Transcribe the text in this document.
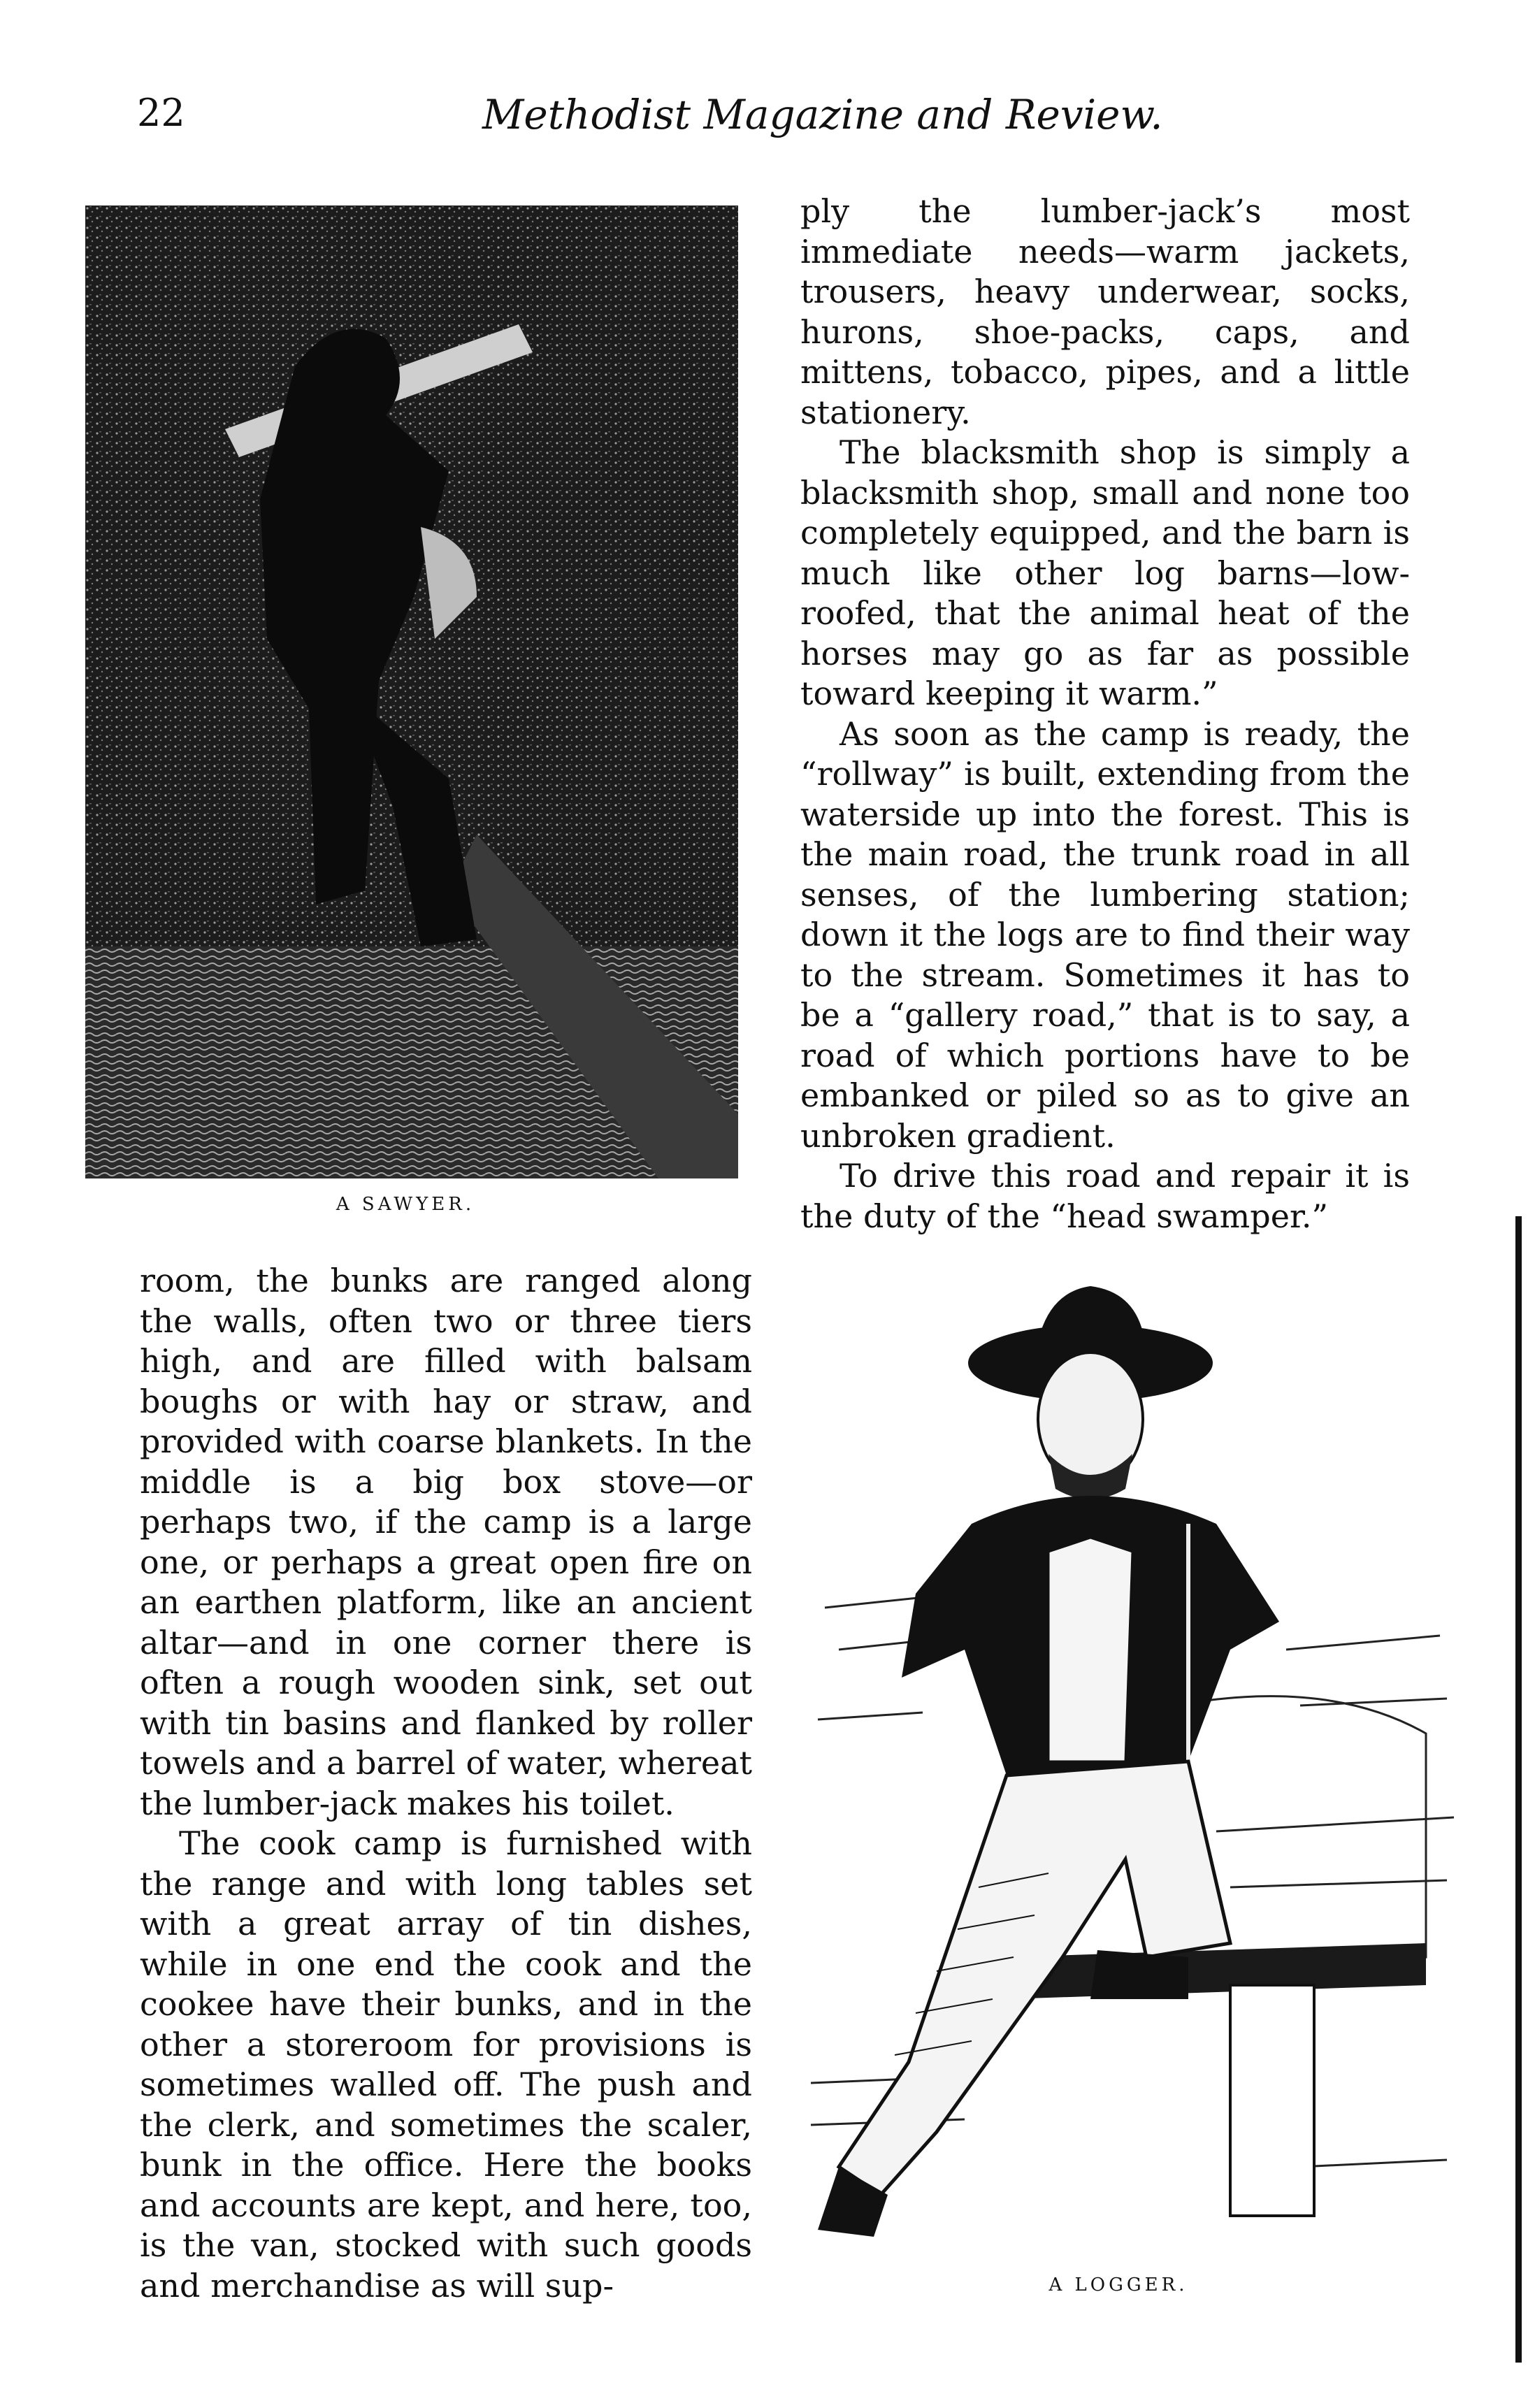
22	Methodist Magazine and Review.
A SAWYER.

ply the lumber-jack’s most immediate needs—warm jackets, trousers, heavy underwear, socks, hurons, shoe-packs, caps, and mittens, tobacco, pipes, and a little stationery.

The blacksmith shop is simply a blacksmith shop, small and none too completely equipped, and the barn is much like other log barns—low-roofed, that the animal heat of the horses may go as far as possible toward keeping it warm.”

As soon as the camp is ready, the “rollway” is built, extending from the waterside up into the forest. This is the main road, the trunk road in all senses, of the lumbering station; down it the logs are to find their way to the stream. Sometimes it has to be a “gallery road,” that is to say, a road of which portions have to be embanked or piled so as to give an unbroken gradient.

To drive this road and repair it is the duty of the “head swamper.”

room, the bunks are ranged along the walls, often two or three tiers high, and are filled with balsam boughs or with hay or straw, and provided with coarse blankets. In the middle is a big box stove—or perhaps two, if the camp is a large one, or perhaps a great open fire on an earthen platform, like an ancient altar—and in one corner there is often a rough wooden sink, set out with tin basins and flanked by roller towels and a barrel of water, whereat the lumber-jack makes his toilet.

The cook camp is furnished with the range and with long tables set with a great array of tin dishes, while in one end the cook and the cookee have their bunks, and in the other a storeroom for provisions is sometimes walled off. The push and the clerk, and sometimes the scaler, bunk in the office. Here the books and accounts are kept, and here, too, is the van, stocked with such goods and merchandise as will sup-	A LOGGER.
